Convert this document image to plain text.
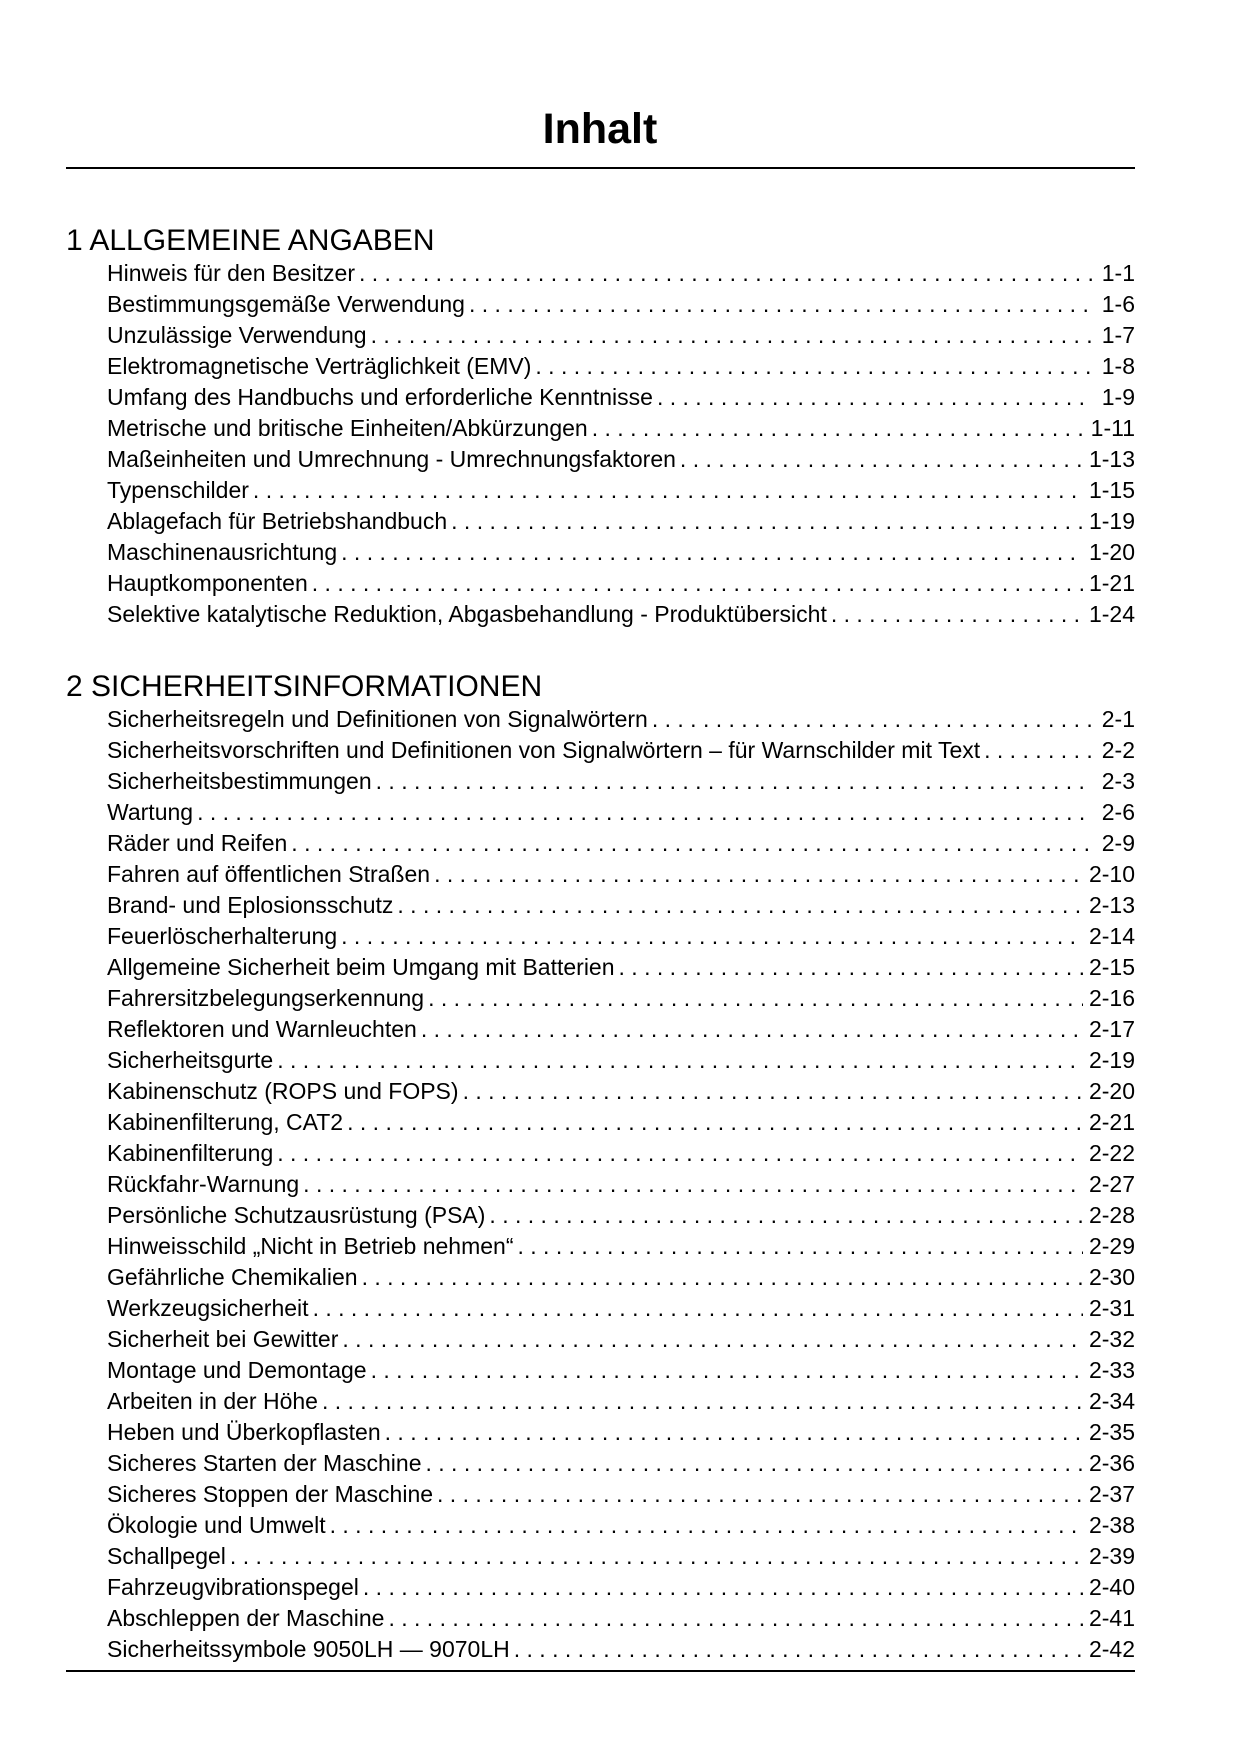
Inhalt
1 ALLGEMEINE ANGABEN
Hinweis für den Besitzer . . .	1-1
Bestimmungsgemäße Verwendung . . .	1-6
Unzulässige Verwendung . . .	1-7
Elektromagnetische Verträglichkeit (EMV) . . .	1-8
Umfang des Handbuchs und erforderliche Kenntnisse . . .	1-9
Metrische und britische Einheiten/Abkürzungen . . .	1-11
Maßeinheiten und Umrechnung - Umrechnungsfaktoren . . .	1-13
Typenschilder . . .	1-15
Ablagefach für Betriebshandbuch . . .	1-19
Maschinenausrichtung . . .	1-20
Hauptkomponenten . . .	1-21
Selektive katalytische Reduktion, Abgasbehandlung - Produktübersicht . . .	1-24
2 SICHERHEITSINFORMATIONEN
Sicherheitsregeln und Definitionen von Signalwörtern . . .	2-1
Sicherheitsvorschriften und Definitionen von Signalwörtern – für Warnschilder mit Text . . .	2-2
Sicherheitsbestimmungen . . .	2-3
Wartung . . .	2-6
Räder und Reifen . . .	2-9
Fahren auf öffentlichen Straßen . . .	2-10
Brand- und Eplosionsschutz . . .	2-13
Feuerlöscherhalterung . . .	2-14
Allgemeine Sicherheit beim Umgang mit Batterien . . .	2-15
Fahrersitzbelegungserkennung . . .	2-16
Reflektoren und Warnleuchten . . .	2-17
Sicherheitsgurte . . .	2-19
Kabinenschutz (ROPS und FOPS) . . .	2-20
Kabinenfilterung, CAT2 . . .	2-21
Kabinenfilterung . . .	2-22
Rückfahr-Warnung . . .	2-27
Persönliche Schutzausrüstung (PSA) . . .	2-28
Hinweisschild „Nicht in Betrieb nehmen“ . . .	2-29
Gefährliche Chemikalien . . .	2-30
Werkzeugsicherheit . . .	2-31
Sicherheit bei Gewitter . . .	2-32
Montage und Demontage . . .	2-33
Arbeiten in der Höhe . . .	2-34
Heben und Überkopflasten . . .	2-35
Sicheres Starten der Maschine . . .	2-36
Sicheres Stoppen der Maschine . . .	2-37
Ökologie und Umwelt . . .	2-38
Schallpegel . . .	2-39
Fahrzeugvibrationspegel . . .	2-40
Abschleppen der Maschine . . .	2-41
Sicherheitssymbole 9050LH — 9070LH . . .	2-42
